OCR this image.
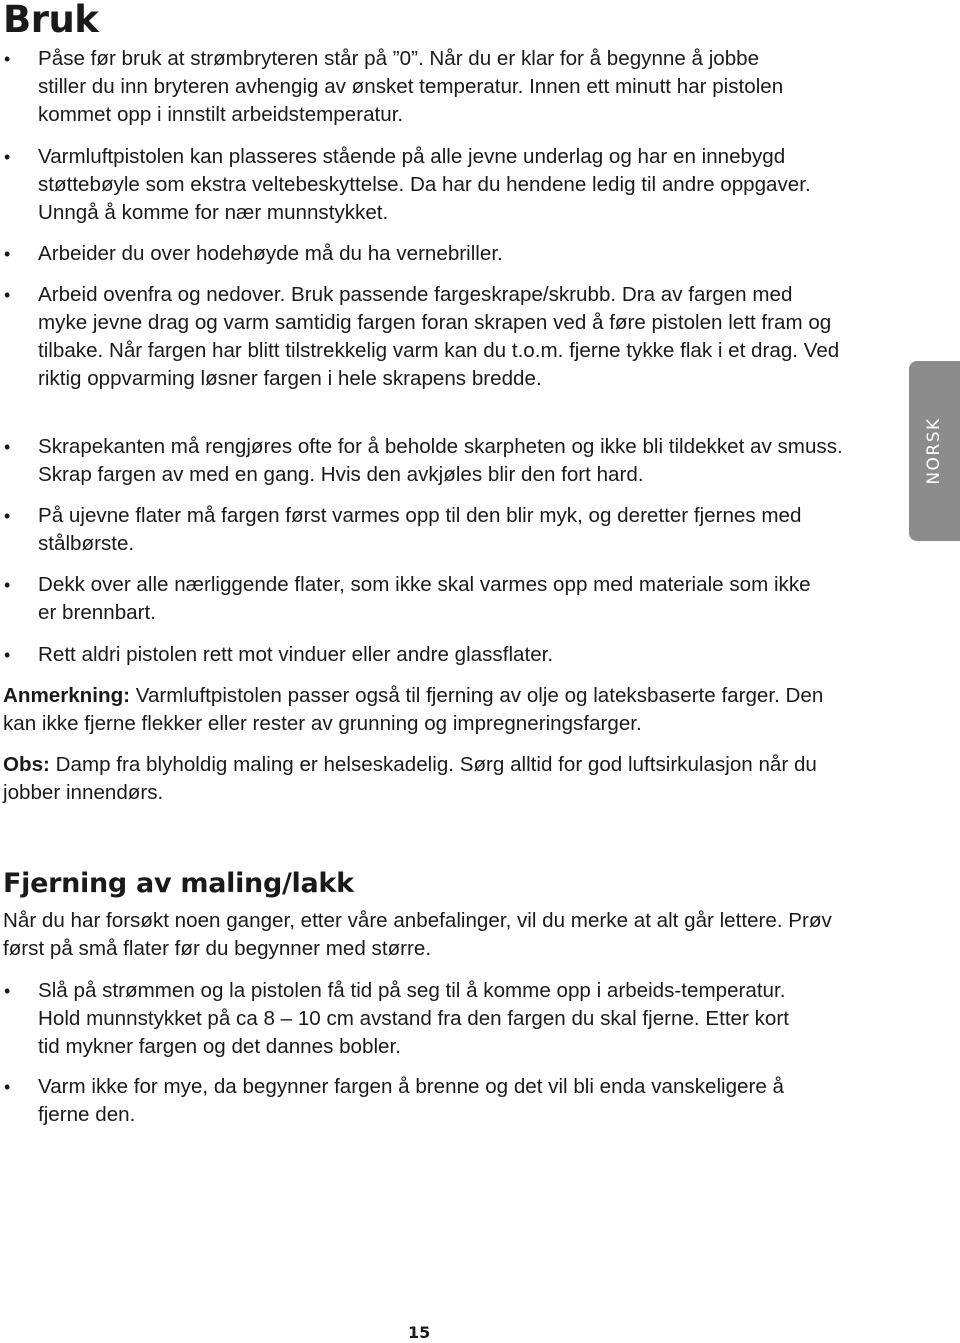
Bruk
• Påse før bruk at strømbryteren står på ”0”. Når du er klar for å begynne å jobbe stiller du inn bryteren avhengig av ønsket temperatur. Innen ett minutt har pistolen kommet opp i innstilt arbeidstemperatur.
• Varmluftpistolen kan plasseres stående på alle jevne underlag og har en innebygd støttebøyle som ekstra veltebeskyttelse. Da har du hendene ledig til andre oppgaver. Unngå å komme for nær munnstykket.
• Arbeider du over hodehøyde må du ha vernebriller.
• Arbeid ovenfra og nedover. Bruk passende fargeskrape/skrubb. Dra av fargen med myke jevne drag og varm samtidig fargen foran skrapen ved å føre pistolen lett fram og tilbake. Når fargen har blitt tilstrekkelig varm kan du t.o.m. fjerne tykke flak i et drag. Ved riktig oppvarming løsner fargen i hele skrapens bredde.
• Skrapekanten må rengjøres ofte for å beholde skarpheten og ikke bli tildekket av smuss. Skrap fargen av med en gang. Hvis den avkjøles blir den fort hard.
• På ujevne flater må fargen først varmes opp til den blir myk, og deretter fjernes med stålbørste.
• Dekk over alle nærliggende flater, som ikke skal varmes opp med materiale som ikke er brennbart.
• Rett aldri pistolen rett mot vinduer eller andre glassflater.

Anmerkning: Varmluftpistolen passer også til fjerning av olje og lateksbaserte farger. Den kan ikke fjerne flekker eller rester av grunning og impregneringsfarger.

Obs: Damp fra blyholdig maling er helseskadelig. Sørg alltid for god luftsirkulasjon når du jobber innendørs.

Fjerning av maling/lakk

Når du har forsøkt noen ganger, etter våre anbefalinger, vil du merke at alt går lettere. Prøv først på små flater før du begynner med større.

• Slå på strømmen og la pistolen få tid på seg til å komme opp i arbeids-temperatur. Hold munnstykket på ca 8 – 10 cm avstand fra den fargen du skal fjerne. Etter kort tid mykner fargen og det dannes bobler.
• Varm ikke for mye, da begynner fargen å brenne og det vil bli enda vanskeligere å fjerne den.
NORSK
15
